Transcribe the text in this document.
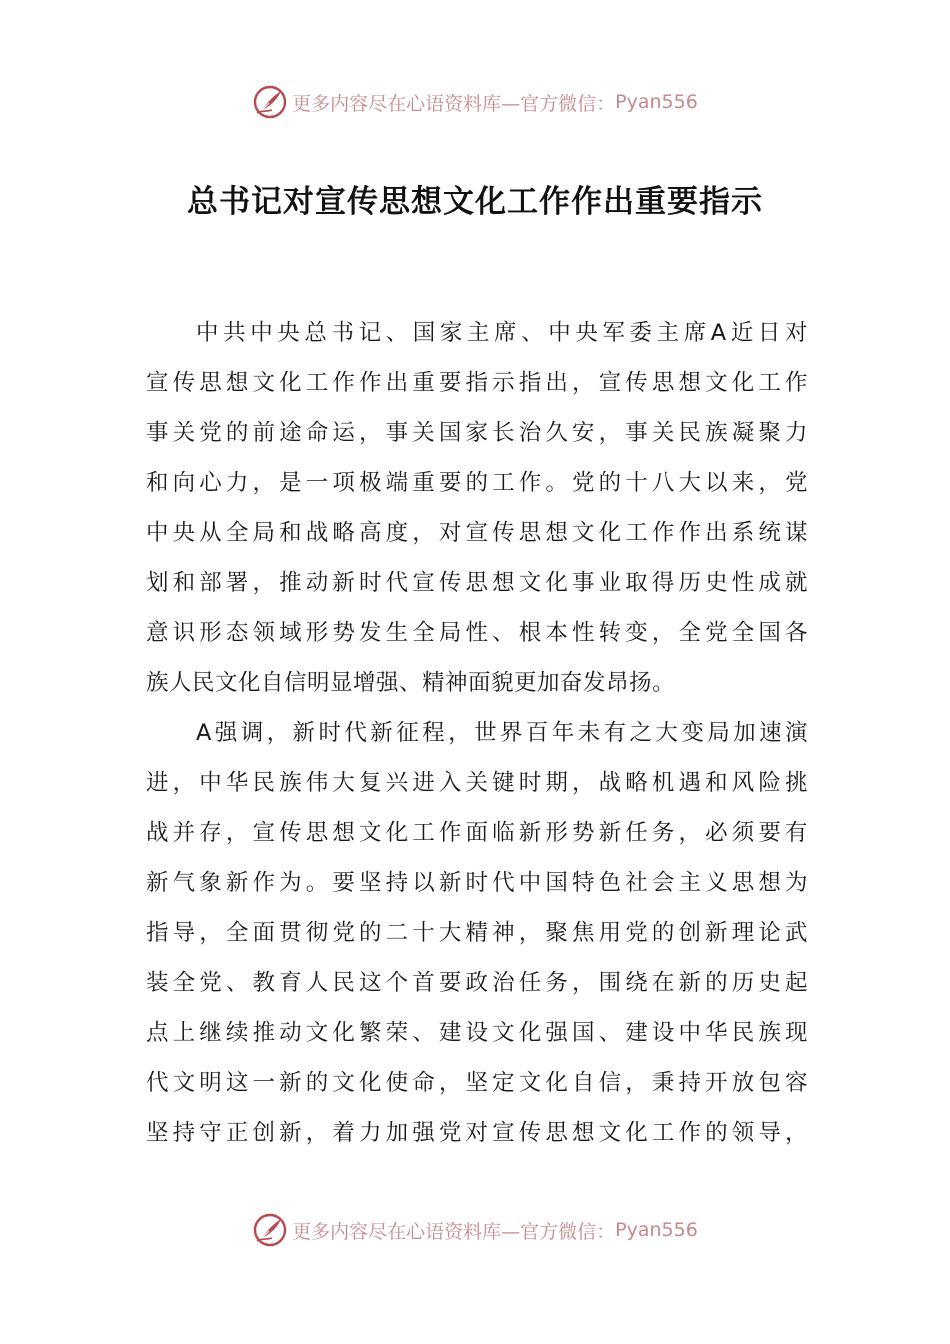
更多内容尽在心语资料库—官方微信： Pyan556
总书记对宣传思想文化工作作出重要指示
中共中央总书记、国家主席、中央军委主席A近日对
宣传思想文化工作作出重要指示指出，宣传思想文化工作
事关党的前途命运，事关国家长治久安，事关民族凝聚力
和向心力，是一项极端重要的工作。党的十八大以来，党
中央从全局和战略高度，对宣传思想文化工作作出系统谋
划和部署，推动新时代宣传思想文化事业取得历史性成就
意识形态领域形势发生全局性、根本性转变，全党全国各
族人民文化自信明显增强、精神面貌更加奋发昂扬。
A强调，新时代新征程，世界百年未有之大变局加速演
进，中华民族伟大复兴进入关键时期，战略机遇和风险挑
战并存，宣传思想文化工作面临新形势新任务，必须要有
新气象新作为。要坚持以新时代中国特色社会主义思想为
指导，全面贯彻党的二十大精神，聚焦用党的创新理论武
装全党、教育人民这个首要政治任务，围绕在新的历史起
点上继续推动文化繁荣、建设文化强国、建设中华民族现
代文明这一新的文化使命，坚定文化自信，秉持开放包容
坚持守正创新，着力加强党对宣传思想文化工作的领导，
更多内容尽在心语资料库—官方微信： Pyan556
